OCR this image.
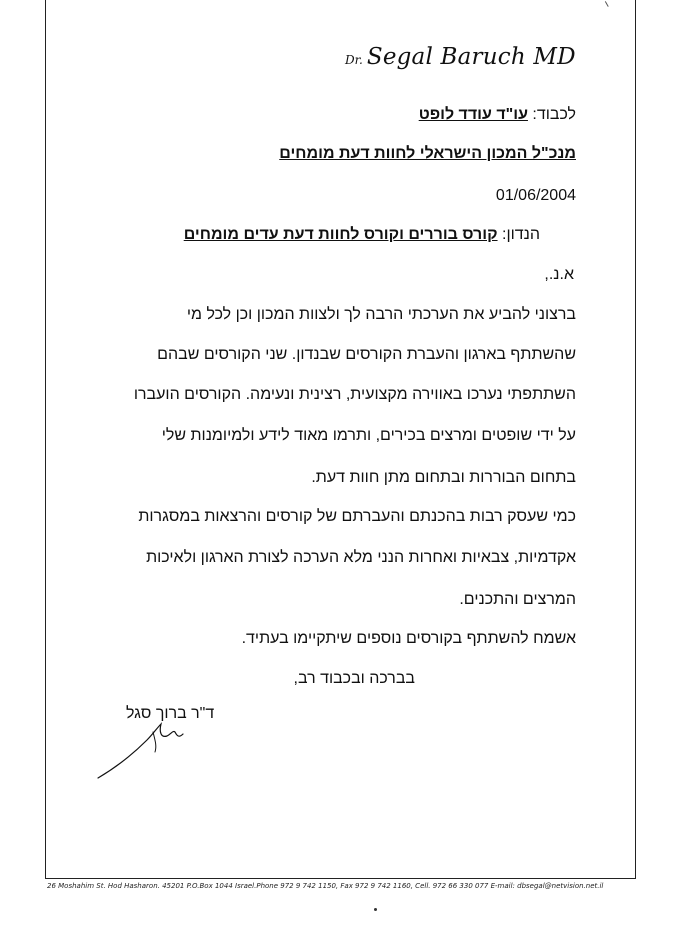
Dr. Segal Baruch MD
לכבוד: עו"ד עודד לופט
מנכ"ל המכון הישראלי לחוות דעת מומחים
01/06/2004
הנדון: קורס בוררים וקורס לחוות דעת עדים מומחים
א.נ.,
ברצוני להביע את הערכתי הרבה לך ולצוות המכון וכן לכל מי
שהשתתף בארגון והעברת הקורסים שבנדון. שני הקורסים שבהם
השתתפתי נערכו באווירה מקצועית, רצינית ונעימה. הקורסים הועברו
על ידי שופטים ומרצים בכירים, ותרמו מאוד לידע ולמיומנות שלי
בתחום הבוררות ובתחום מתן חוות דעת.
כמי שעסק רבות בהכנתם והעברתם של קורסים והרצאות במסגרות
אקדמיות, צבאיות ואחרות הנני מלא הערכה לצורת הארגון ולאיכות
המרצים והתכנים.
אשמח להשתתף בקורסים נוספים שיתקיימו בעתיד.
בברכה ובכבוד רב,
ד"ר ברוך סגל
26 Moshahim St. Hod Hasharon. 45201 P.O.Box 1044 Israel.Phone 972 9 742 1150, Fax 972 9 742 1160, Cell. 972 66 330 077 E-mail: dbsegal@netvision.net.il
